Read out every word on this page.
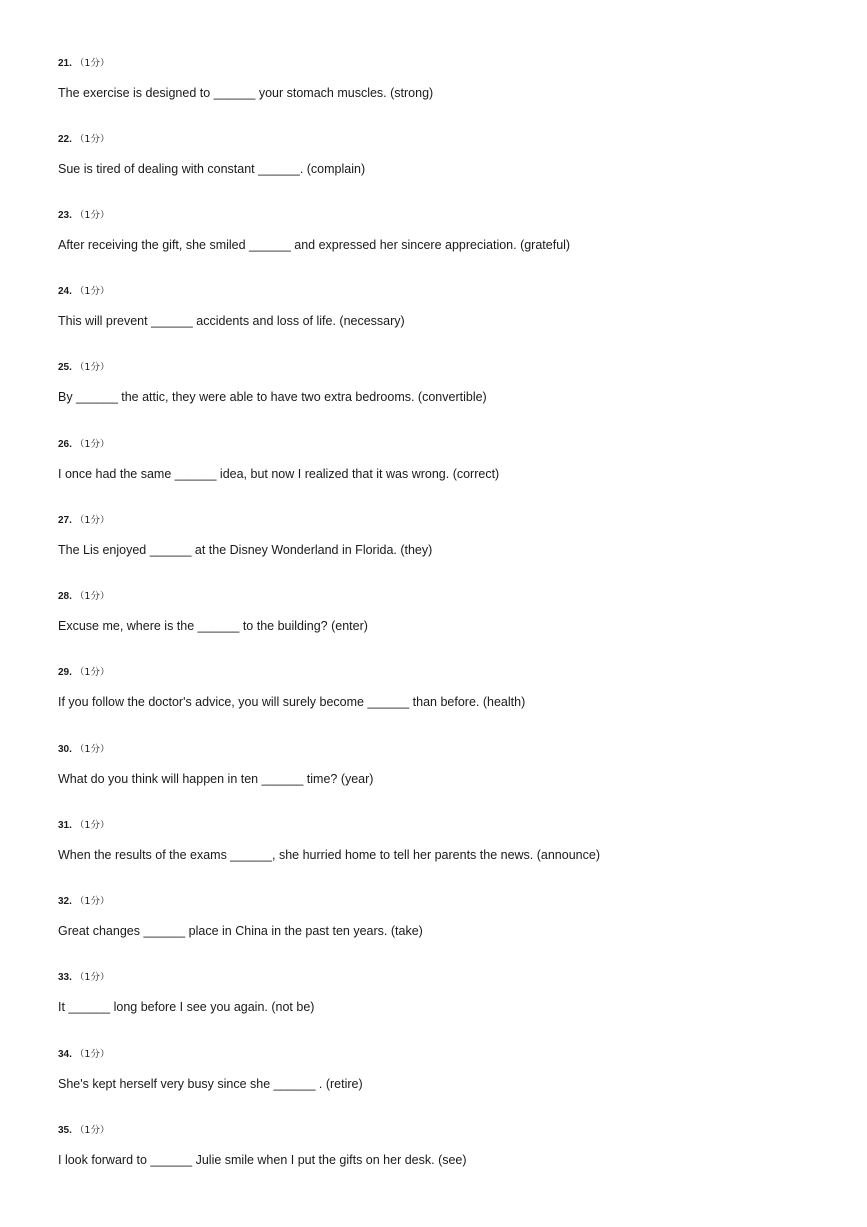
21. （1分）
The exercise is designed to ______ your stomach muscles. (strong)
22. （1分）
Sue is tired of dealing with constant ______. (complain)
23. （1分）
After receiving the gift, she smiled ______ and expressed her sincere appreciation. (grateful)
24. （1分）
This will prevent ______ accidents and loss of life. (necessary)
25. （1分）
By ______ the attic, they were able to have two extra bedrooms. (convertible)
26. （1分）
I once had the same ______ idea, but now I realized that it was wrong. (correct)
27. （1分）
The Lis enjoyed ______ at the Disney Wonderland in Florida. (they)
28. （1分）
Excuse me, where is the ______ to the building? (enter)
29. （1分）
If you follow the doctor's advice, you will surely become ______ than before. (health)
30. （1分）
What do you think will happen in ten ______ time? (year)
31. （1分）
When the results of the exams ______, she hurried home to tell her parents the news. (announce)
32. （1分）
Great changes ______ place in China in the past ten years. (take)
33. （1分）
It ______ long before I see you again. (not be)
34. （1分）
She's kept herself very busy since she ______ . (retire)
35. （1分）
I look forward to ______ Julie smile when I put the gifts on her desk. (see)
